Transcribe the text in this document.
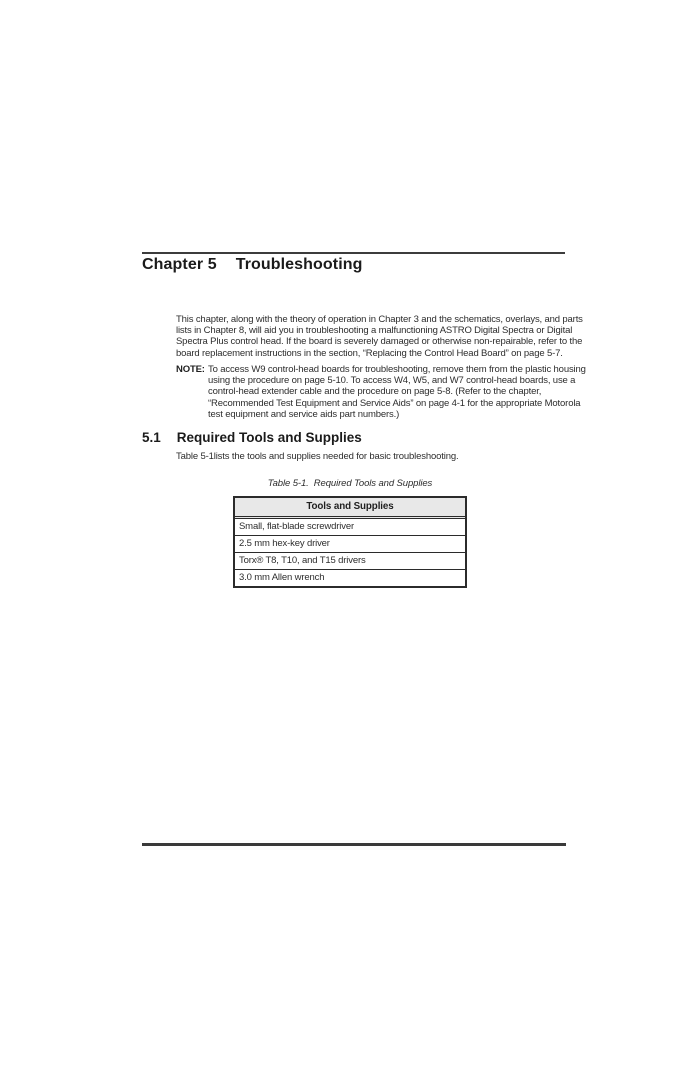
Chapter 5 Troubleshooting
This chapter, along with the theory of operation in Chapter 3 and the schematics, overlays, and parts
lists in Chapter 8, will aid you in troubleshooting a malfunctioning ASTRO Digital Spectra or Digital
Spectra Plus control head. If the board is severely damaged or otherwise non-repairable, refer to the
board replacement instructions in the section, “Replacing the Control Head Board” on page 5-7.
NOTE: To access W9 control-head boards for troubleshooting, remove them from the plastic housing
using the procedure on page 5-10. To access W4, W5, and W7 control-head boards, use a
control-head extender cable and the procedure on page 5-8. (Refer to the chapter,
“Recommended Test Equipment and Service Aids” on page 4-1 for the appropriate Motorola
test equipment and service aids part numbers.)
5.1 Required Tools and Supplies
Table 5-1lists the tools and supplies needed for basic troubleshooting.
Table 5-1.  Required Tools and Supplies
Tools and Supplies
Small, flat-blade screwdriver
2.5 mm hex-key driver
Torx® T8, T10, and T15 drivers
3.0 mm Allen wrench
